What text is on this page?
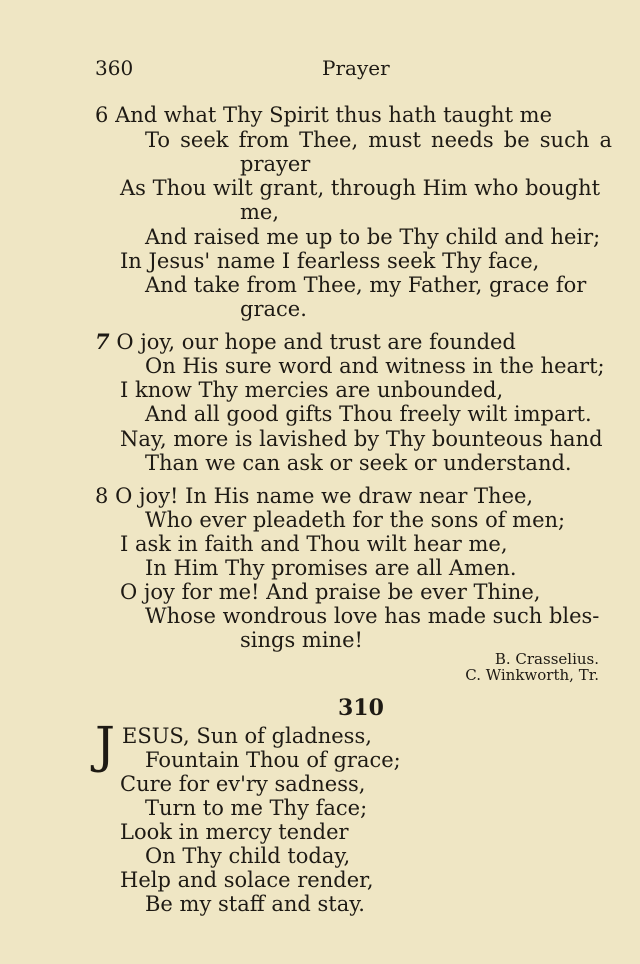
360	Prayer
6 And what Thy Spirit thus hath taught me
To seek from Thee, must needs be such a
prayer
As Thou wilt grant, through Him who bought
me,
And raised me up to be Thy child and heir;
In Jesus' name I fearless seek Thy face,
And take from Thee, my Father, grace for
grace.
7 O joy, our hope and trust are founded
On His sure word and witness in the heart;
I know Thy mercies are unbounded,
And all good gifts Thou freely wilt impart.
Nay, more is lavished by Thy bounteous hand
Than we can ask or seek or understand.
8 O joy! In His name we draw near Thee,
Who ever pleadeth for the sons of men;
I ask in faith and Thou wilt hear me,
In Him Thy promises are all Amen.
O joy for me! And praise be ever Thine,
Whose wondrous love has made such bles-
sings mine!
B. Crasselius.
C. Winkworth, Tr.
310
J ESUS, Sun of gladness,
Fountain Thou of grace;
Cure for ev'ry sadness,
Turn to me Thy face;
Look in mercy tender
On Thy child today,
Help and solace render,
Be my staff and stay.
